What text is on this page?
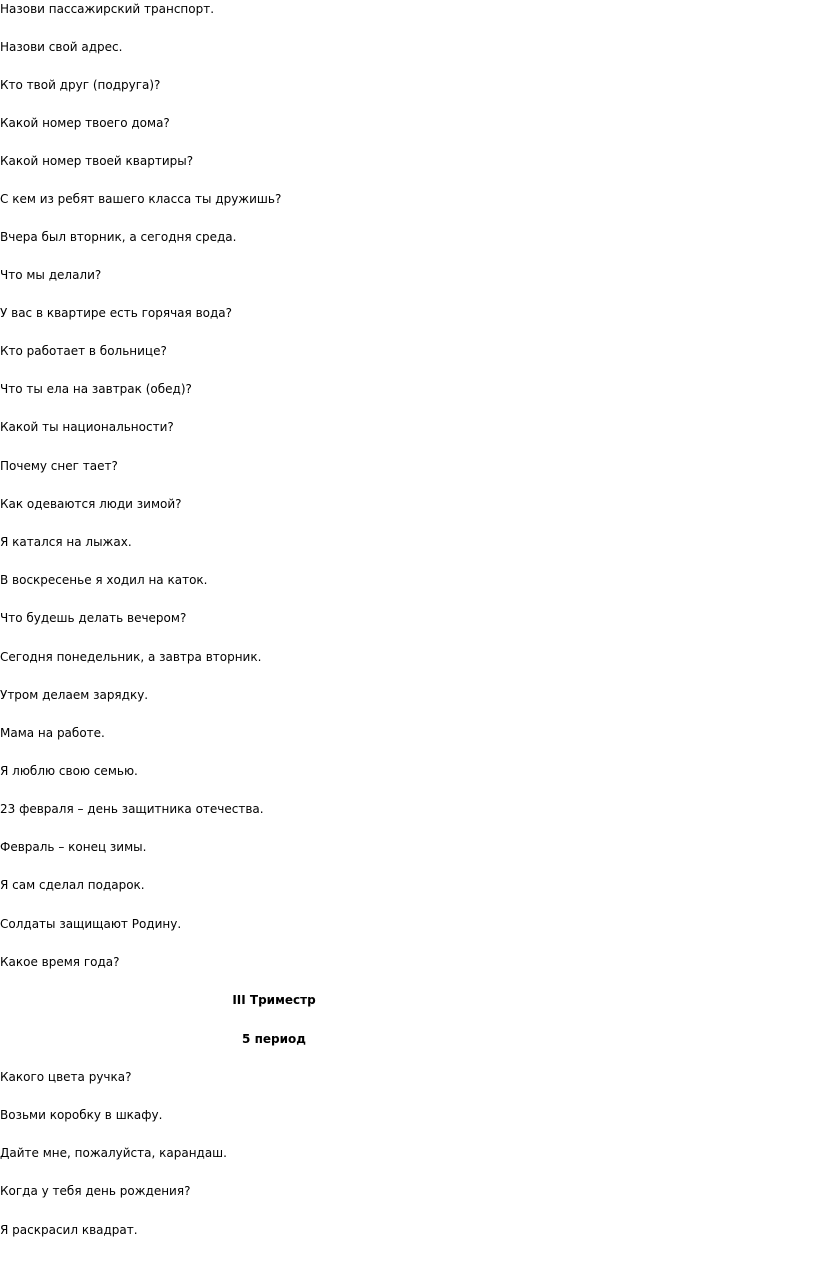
Назови пассажирский транспорт.
Назови свой адрес.
Кто твой друг (подруга)?
Какой номер твоего дома?
Какой номер твоей квартиры?
С кем из ребят вашего класса ты дружишь?
Вчера был вторник, а сегодня среда.
Что мы делали?
У вас в квартире есть горячая вода?
Кто работает в больнице?
Что ты ела на завтрак (обед)?
Какой ты национальности?
Почему снег тает?
Как одеваются люди зимой?
Я катался на лыжах.
В воскресенье я ходил на каток.
Что будешь делать вечером?
Сегодня понедельник, а завтра вторник.
Утром делаем зарядку.
Мама на работе.
Я люблю свою семью.
23 февраля – день защитника отечества.
Февраль – конец зимы.
Я сам сделал подарок.
Солдаты защищают Родину.
Какое время года?
III Триместр
5 период
Какого цвета ручка?
Возьми коробку в шкафу.
Дайте мне, пожалуйста, карандаш.
Когда у тебя день рождения?
Я раскрасил квадрат.
